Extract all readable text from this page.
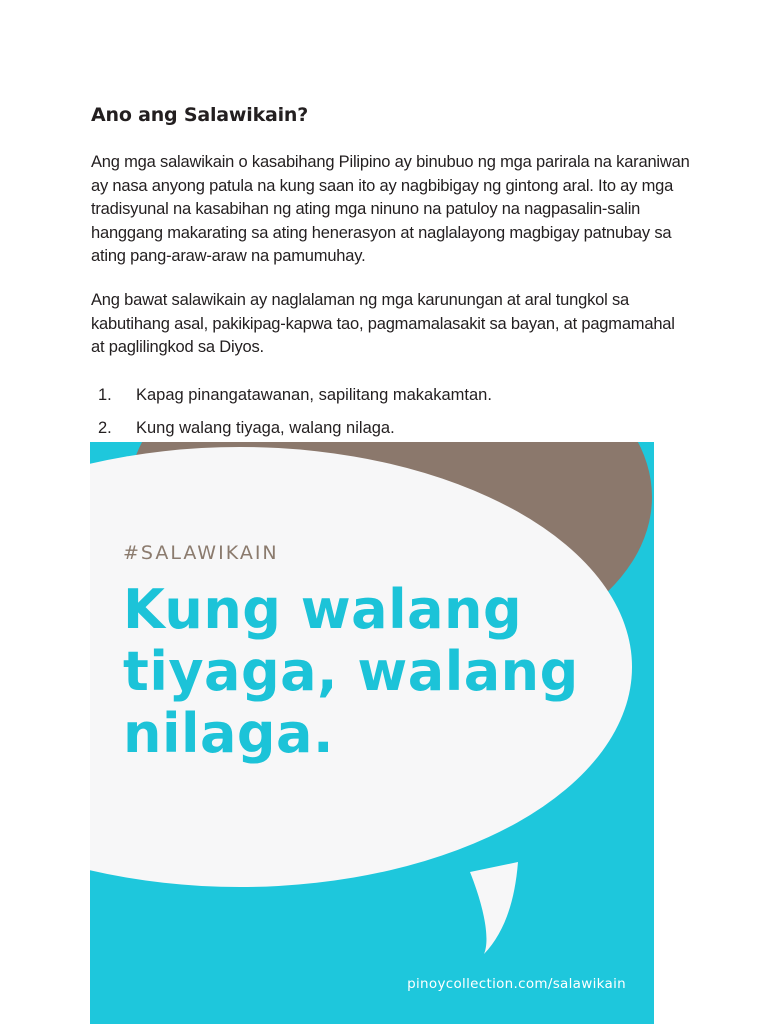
Ano ang Salawikain?

Ang mga salawikain o kasabihang Pilipino ay binubuo ng mga parirala na karaniwan ay nasa anyong patula na kung saan ito ay nagbibigay ng gintong aral. Ito ay mga tradisyunal na kasabihan ng ating mga ninuno na patuloy na nagpasalin-salin hanggang makarating sa ating henerasyon at naglalayong magbigay patnubay sa ating pang-araw-araw na pamumuhay.

Ang bawat salawikain ay naglalaman ng mga karunungan at aral tungkol sa kabutihang asal, pakikipag-kapwa tao, pagmamalasakit sa bayan, at pagmamahal at paglilingkod sa Diyos.

1. Kapag pinangatawanan, sapilitang makakamtan.
2. Kung walang tiyaga, walang nilaga.

#SALAWIKAIN

Kung walang
tiyaga, walang
nilaga.

pinoycollection.com/salawikain
